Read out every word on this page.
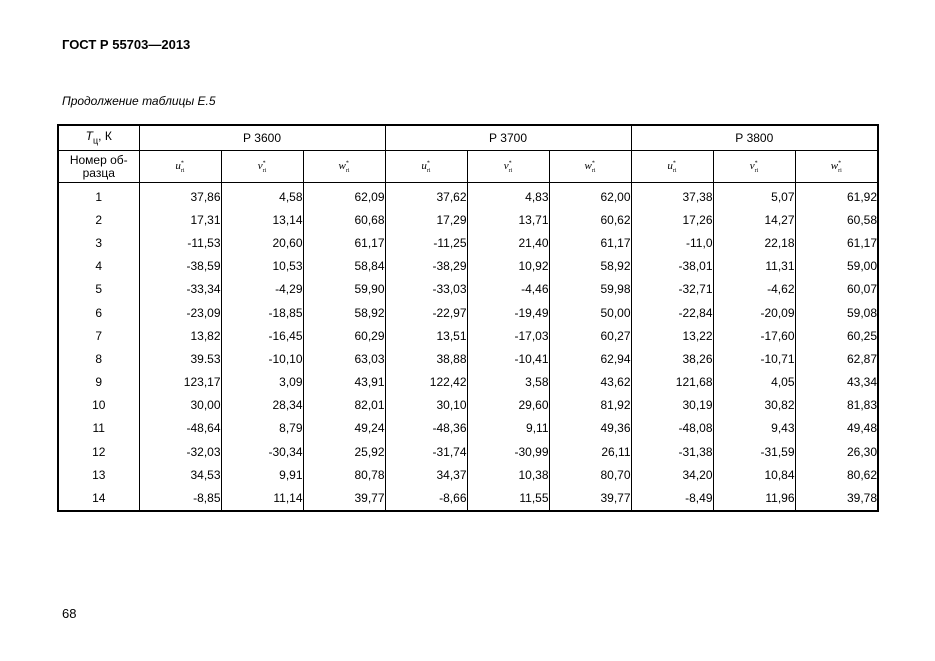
ГОСТ Р 55703—2013
Продолжение таблицы Е.5
$T_ц$, К	Р 3600			Р 3700			Р 3800		

Номер об-разца	$u^*_{ri}$	$v^*_{ri}$	$w^*_{ri}$	$u^*_{ri}$	$v^*_{ri}$	$w^*_{ri}$	$u^*_{ri}$	$v^*_{ri}$	$w^*_{ri}$
1	37,86	4,58	62,09	37,62	4,83	62,00	37,38	5,07	61,92
2	17,31	13,14	60,68	17,29	13,71	60,62	17,26	14,27	60,58
3	-11,53	20,60	61,17	-11,25	21,40	61,17	-11,0	22,18	61,17
4	-38,59	10,53	58,84	-38,29	10,92	58,92	-38,01	11,31	59,00
5	-33,34	-4,29	59,90	-33,03	-4,46	59,98	-32,71	-4,62	60,07
6	-23,09	-18,85	58,92	-22,97	-19,49	50,00	-22,84	-20,09	59,08
7	13,82	-16,45	60,29	13,51	-17,03	60,27	13,22	-17,60	60,25
8	39.53	-10,10	63,03	38,88	-10,41	62,94	38,26	-10,71	62,87
9	123,17	3,09	43,91	122,42	3,58	43,62	121,68	4,05	43,34
10	30,00	28,34	82,01	30,10	29,60	81,92	30,19	30,82	81,83
11	-48,64	8,79	49,24	-48,36	9,11	49,36	-48,08	9,43	49,48
12	-32,03	-30,34	25,92	-31,74	-30,99	26,11	-31,38	-31,59	26,30
13	34,53	9,91	80,78	34,37	10,38	80,70	34,20	10,84	80,62
14	-8,85	11,14	39,77	-8,66	11,55	39,77	-8,49	11,96	39,78
68
